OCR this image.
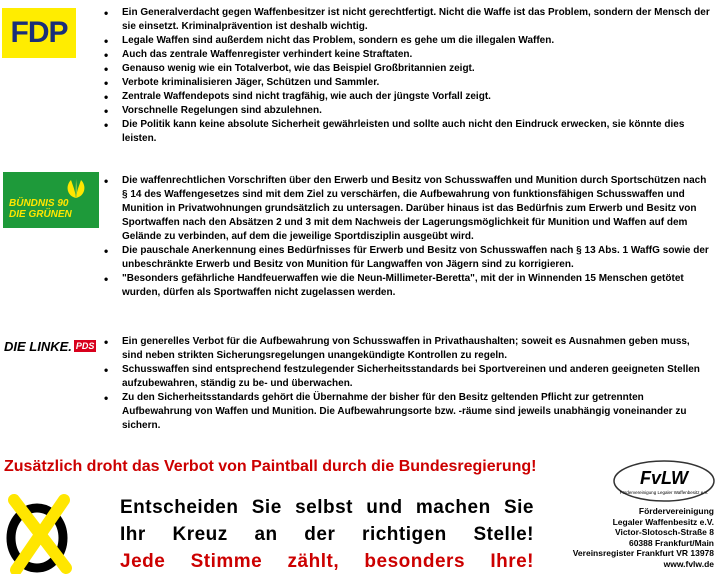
FDP
• Ein Generalverdacht gegen Waffenbesitzer ist nicht gerechtfertigt. Nicht die Waffe ist das Problem, sondern der Mensch der sie einsetzt. Kriminalprävention ist deshalb wichtig.
• Legale Waffen sind außerdem nicht das Problem, sondern es gehe um die illegalen Waffen.
• Auch das zentrale Waffenregister verhindert keine Straftaten.
• Genauso wenig wie ein Totalverbot, wie das Beispiel Großbritannien zeigt.
• Verbote kriminalisieren Jäger, Schützen und Sammler.
• Zentrale Waffendepots sind nicht tragfähig, wie auch der jüngste Vorfall zeigt.
• Vorschnelle Regelungen sind abzulehnen.
• Die Politik kann keine absolute Sicherheit gewährleisten und sollte auch nicht den Eindruck erwecken, sie könnte dies leisten.
BÜNDNIS 90
DIE GRÜNEN
• Die waffenrechtlichen Vorschriften über den Erwerb und Besitz von Schusswaffen und Munition durch Sportschützen nach § 14 des Waffengesetzes sind mit dem Ziel zu verschärfen, die Aufbewahrung von funktionsfähigen Schusswaffen und Munition in Privatwohnungen grundsätzlich zu untersagen. Darüber hinaus ist das Bedürfnis zum Erwerb und Besitz von Sportwaffen nach den Absätzen 2 und 3 mit dem Nachweis der Lagerungsmöglichkeit für Munition und Waffen auf dem Gelände zu verbinden, auf dem die jeweilige Sportdisziplin ausgeübt wird.
• Die pauschale Anerkennung eines Bedürfnisses für Erwerb und Besitz von Schusswaffen nach § 13 Abs. 1 WaffG sowie der unbeschränkte Erwerb und Besitz von Munition für Langwaffen von Jägern sind zu korrigieren.
• "Besonders gefährliche Handfeuerwaffen wie die Neun-Millimeter-Beretta", mit der in Winnenden 15 Menschen getötet wurden, dürfen als Sportwaffen nicht zugelassen werden.
DIE LINKE. PDS
•	Ein generelles Verbot für die Aufbewahrung von Schusswaffen in Privathaushalten; soweit es Ausnahmen geben muss, sind neben strikten Sicherungsregelungen unangekündigte Kontrollen zu regeln.
• Schusswaffen sind entsprechend festzulegender Sicherheitsstandards bei Sportvereinen und anderen geeigneten Stellen aufzubewahren, ständig zu be- und überwachen.
• Zu den Sicherheitsstandards gehört die Übernahme der bisher für den Besitz geltenden Pflicht zur getrennten Aufbewahrung von Waffen und Munition. Die Aufbewahrungsorte bzw. -räume sind jeweils unabhängig voneinander zu sichern.
Zusätzlich droht das Verbot von Paintball durch die Bundesregierung!
Entscheiden Sie selbst und machen Sie
Ihr Kreuz an der richtigen Stelle!
Jede Stimme zählt, besonders Ihre!
FvLW
Fördervereinigung Legaler Waffenbesitz e.V.
Fördervereinigung
Legaler Waffenbesitz e.V.
Victor-Slotosch-Straße 8
60388 Frankfurt/Main
Vereinsregister Frankfurt VR 13978
www.fvlw.de
